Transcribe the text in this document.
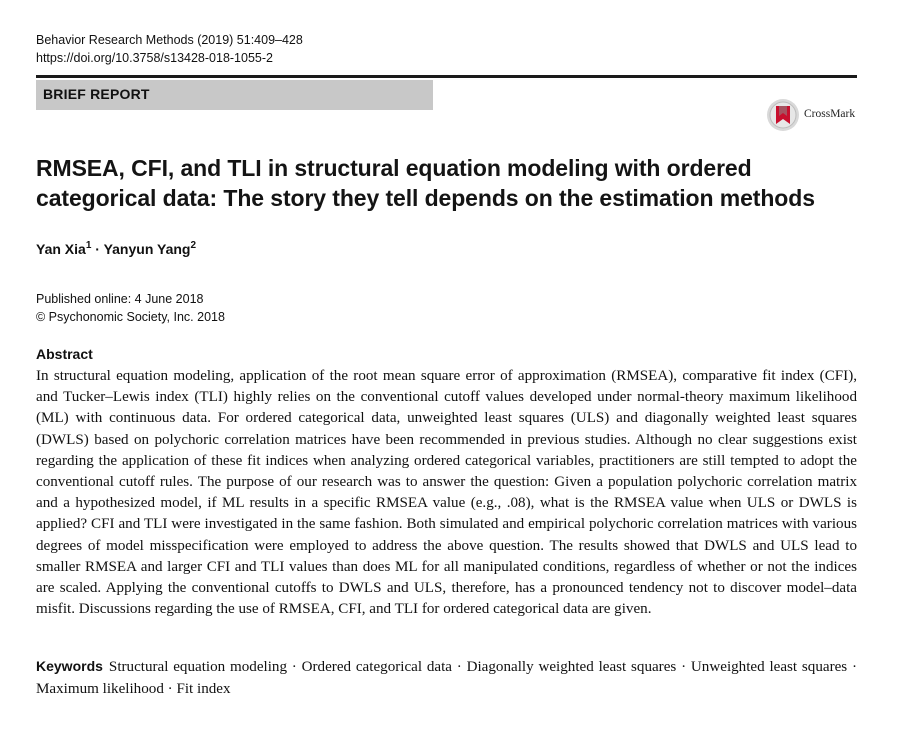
Behavior Research Methods (2019) 51:409–428
https://doi.org/10.3758/s13428-018-1055-2
BRIEF REPORT
CrossMark
RMSEA, CFI, and TLI in structural equation modeling with ordered categorical data: The story they tell depends on the estimation methods
Yan Xia$^1$ · Yanyun Yang$^2$
Published online: 4 June 2018
© Psychonomic Society, Inc. 2018
Abstract
In structural equation modeling, application of the root mean square error of approximation (RMSEA), comparative fit index (CFI), and Tucker–Lewis index (TLI) highly relies on the conventional cutoff values developed under normal-theory maximum likelihood (ML) with continuous data. For ordered categorical data, unweighted least squares (ULS) and diagonally weighted least squares (DWLS) based on polychoric correlation matrices have been recommended in previous studies. Although no clear suggestions exist regarding the application of these fit indices when analyzing ordered categorical variables, practitioners are still tempted to adopt the conventional cutoff rules. The purpose of our research was to answer the question: Given a population polychoric correlation matrix and a hypothesized model, if ML results in a specific RMSEA value (e.g., .08), what is the RMSEA value when ULS or DWLS is applied? CFI and TLI were investigated in the same fashion. Both simulated and empirical polychoric correlation matrices with various degrees of model misspecification were employed to address the above question. The results showed that DWLS and ULS lead to smaller RMSEA and larger CFI and TLI values than does ML for all manipulated conditions, regardless of whether or not the indices are scaled. Applying the conventional cutoffs to DWLS and ULS, therefore, has a pronounced tendency not to discover model–data misfit. Discussions regarding the use of RMSEA, CFI, and TLI for ordered categorical data are given.
Keywords Structural equation modeling · Ordered categorical data · Diagonally weighted least squares · Unweighted least squares · Maximum likelihood · Fit index
